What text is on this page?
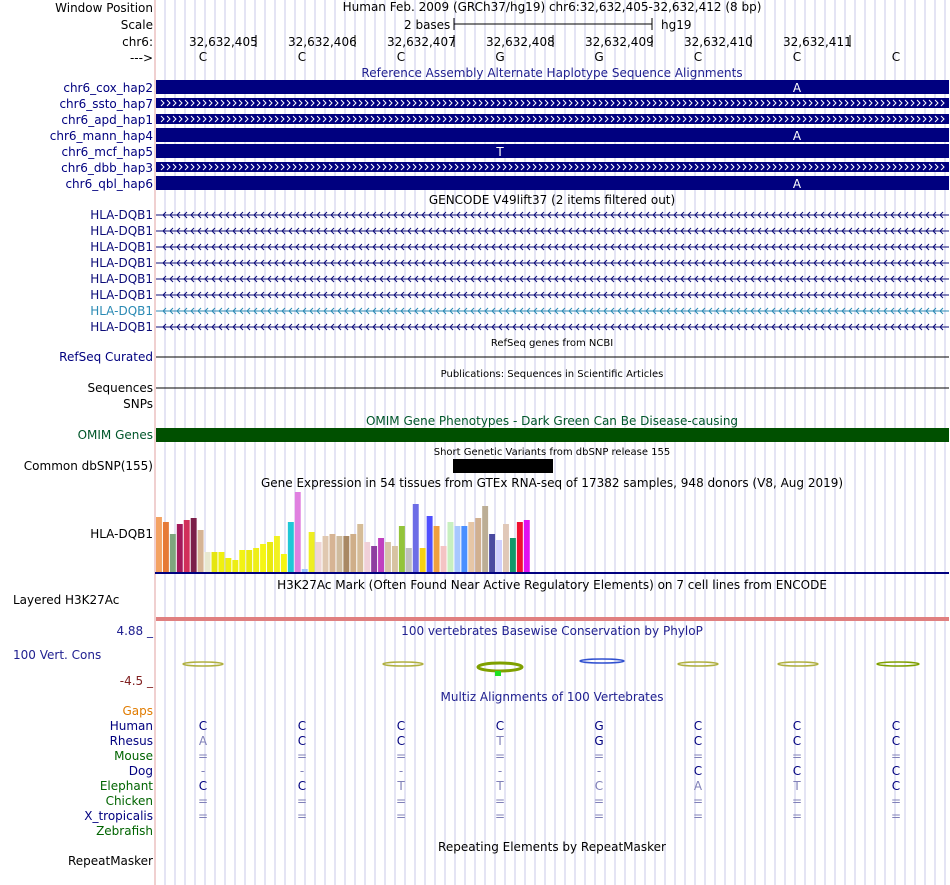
A
A
T
A
Window Position	Human Feb. 2009 (GRCh37/hg19) chr6:32,632,405-32,632,412 (8 bp)
Scale	2 bases	hg19
chr6:
--->
32,632,405	32,632,406	32,632,407	32,632,408	32,632,409	32,632,410	32,632,411
C	C	C	G	G	C	C	C
Reference Assembly Alternate Haplotype Sequence Alignments
chr6_cox_hap2
chr6_ssto_hap7
chr6_apd_hap1
chr6_mann_hap4
chr6_mcf_hap5
chr6_dbb_hap3
chr6_qbl_hap6
GENCODE V49lift37 (2 items filtered out)
HLA-DQB1
HLA-DQB1
HLA-DQB1
HLA-DQB1
HLA-DQB1
HLA-DQB1
HLA-DQB1
HLA-DQB1
RefSeq genes from NCBI
RefSeq Curated
Publications: Sequences in Scientific Articles
Sequences
SNPs
OMIM Gene Phenotypes - Dark Green Can Be Disease-causing
OMIM Genes
Short Genetic Variants from dbSNP release 155
Common dbSNP(155)
Gene Expression in 54 tissues from GTEx RNA-seq of 17382 samples, 948 donors (V8, Aug 2019)
HLA-DQB1
H3K27Ac Mark (Often Found Near Active Regulatory Elements) on 7 cell lines from ENCODE
Layered H3K27Ac
100 vertebrates Basewise Conservation by PhyloP
4.88 _
100 Vert. Cons
-4.5 _
Multiz Alignments of 100 Vertebrates
Gaps
Human	C	C	C	C	G	C	C	C
Rhesus	A	C	C	T	G	C	C	C
Mouse	=	=	=	=	=	=	=	=
Dog	-	-	-	-	-	C	C	C
Elephant	C	C	T	T	C	A	T	C
Chicken	=	=	=	=	=	=	=	=
X_tropicalis	=	=	=	=	=	=	=	=
Zebrafish
Repeating Elements by RepeatMasker
RepeatMasker
